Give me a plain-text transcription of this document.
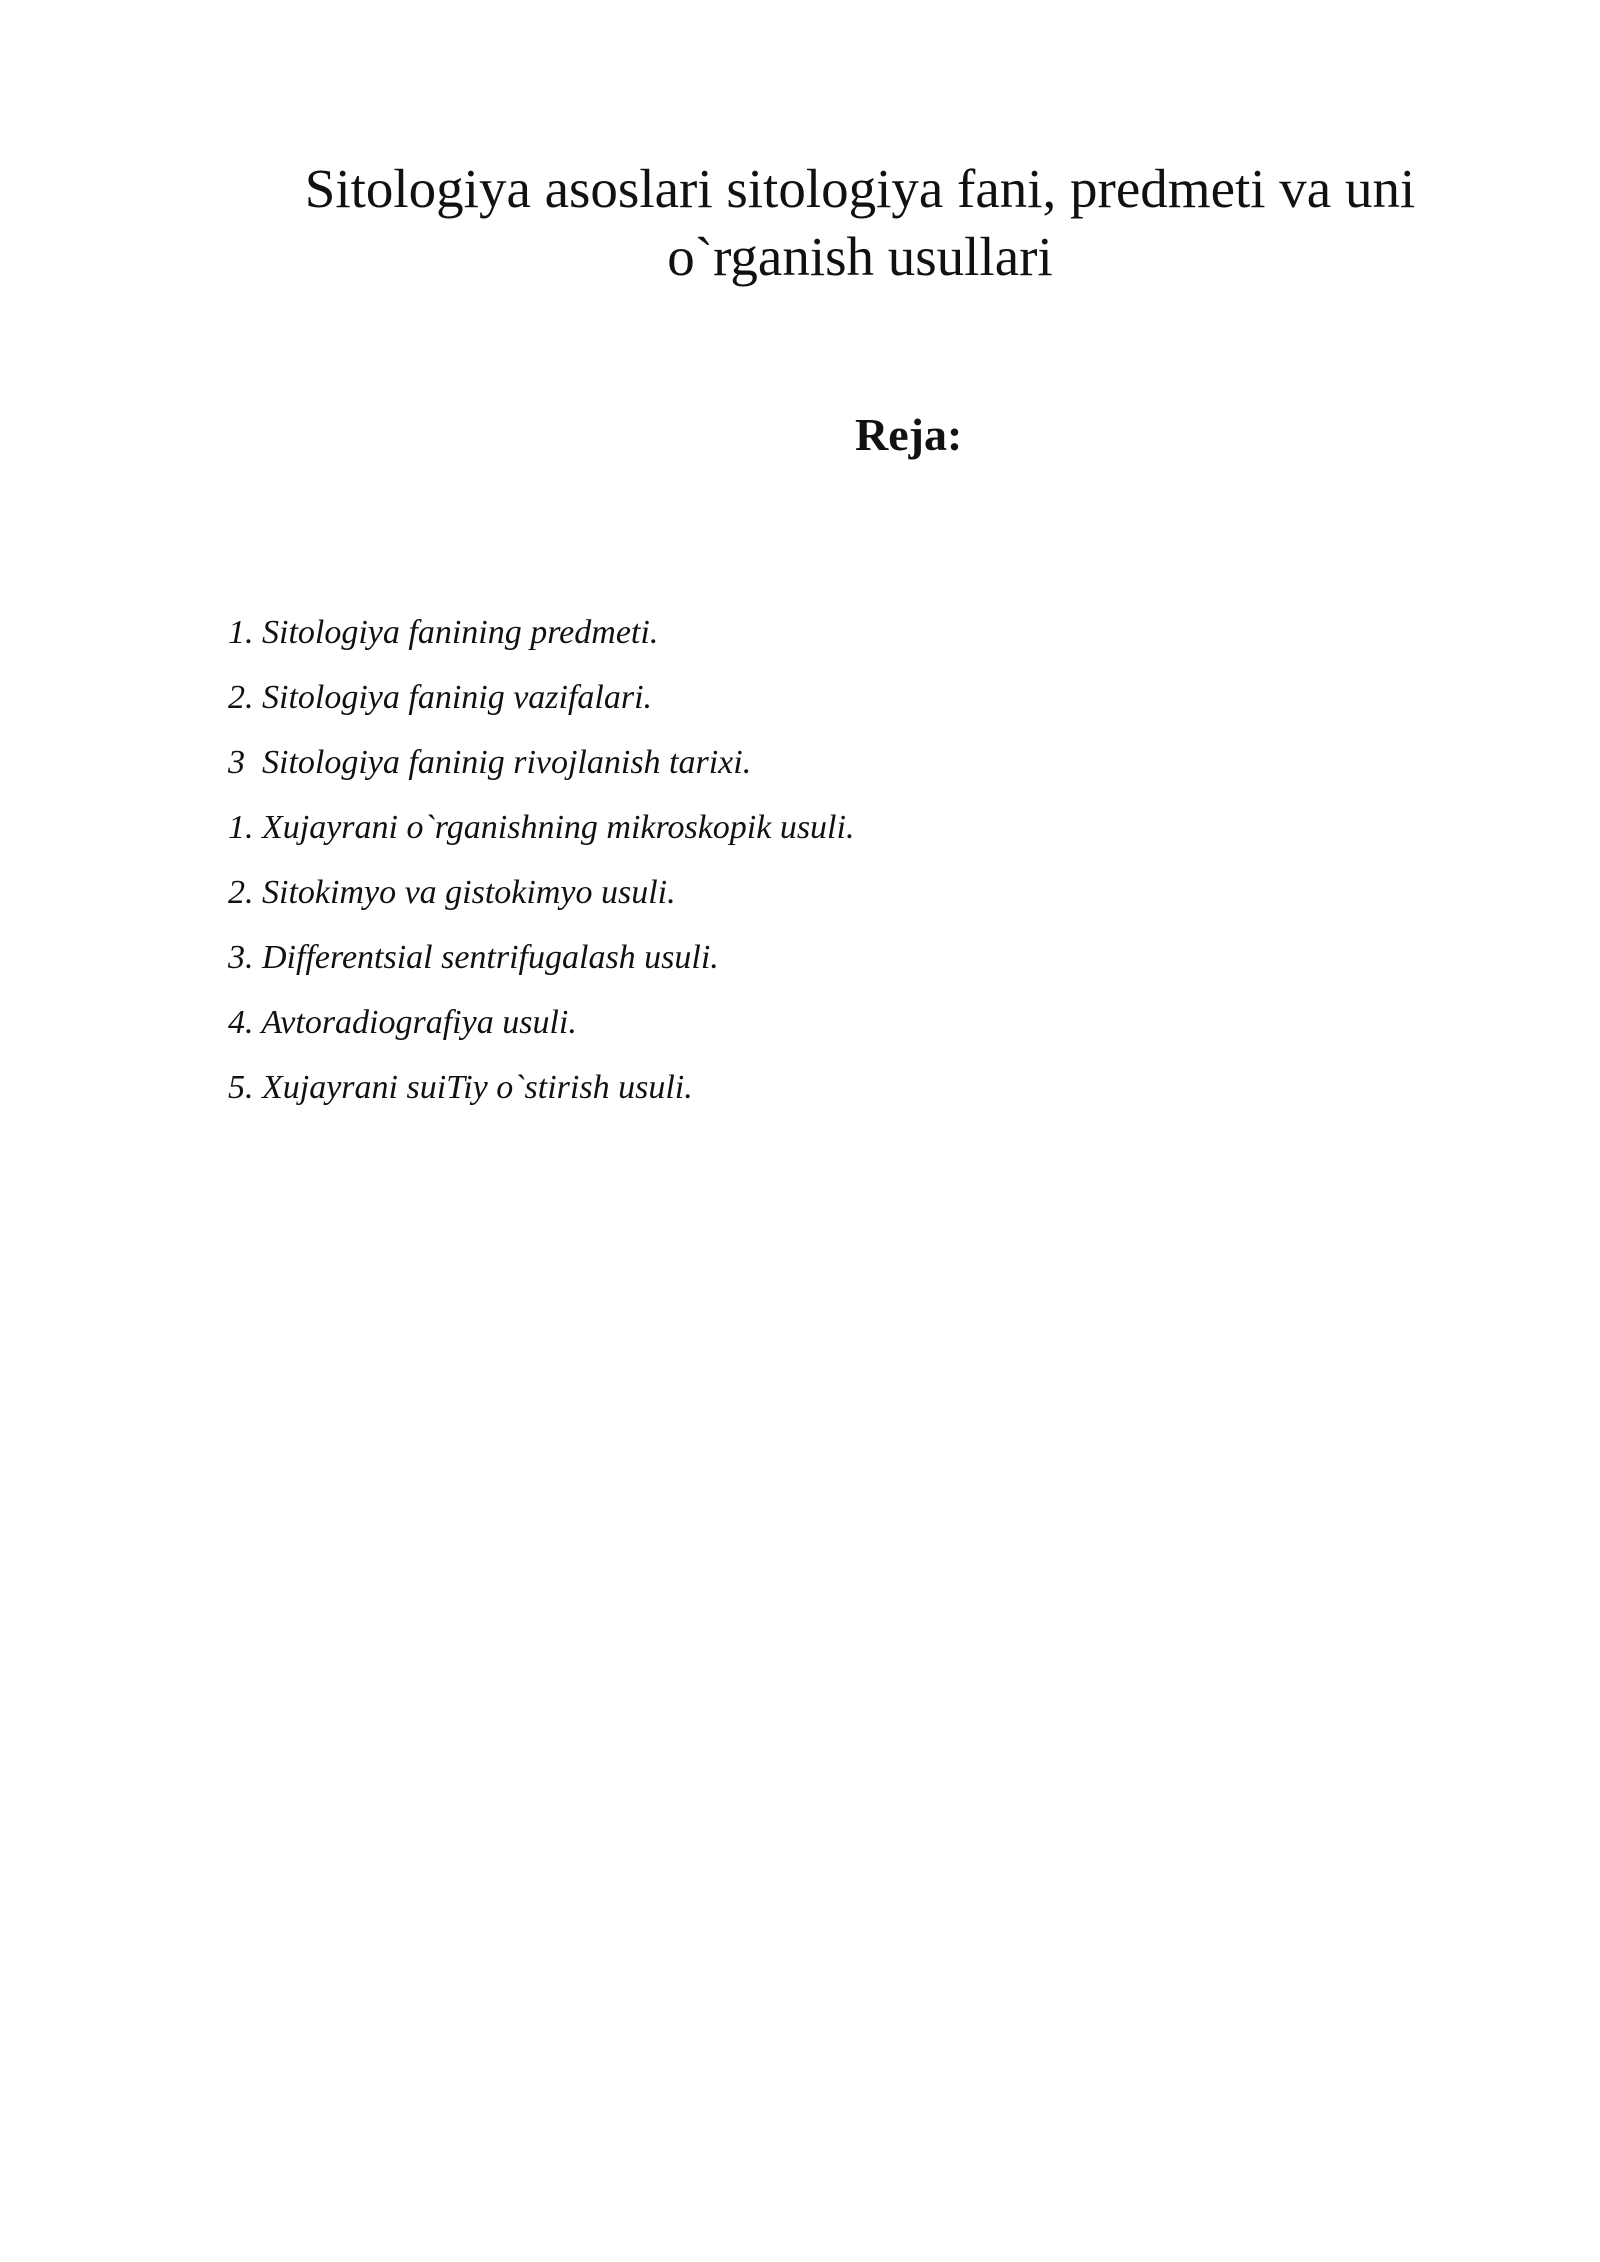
Sitologiya asoslari sitologiya fani, predmeti va uni
o`rganish usullari
Reja:
1. Sitologiya fanining predmeti.
2. Sitologiya faninig vazifalari.
3  Sitologiya faninig rivojlanish tarixi.
1. Xujayrani o`rganishning mikroskopik usuli.
2. Sitokimyo va gistokimyo usuli.
3. Differentsial sentrifugalash usuli.
4. Avtoradiografiya usuli.
5. Xujayrani suiTiy o`stirish usuli.
